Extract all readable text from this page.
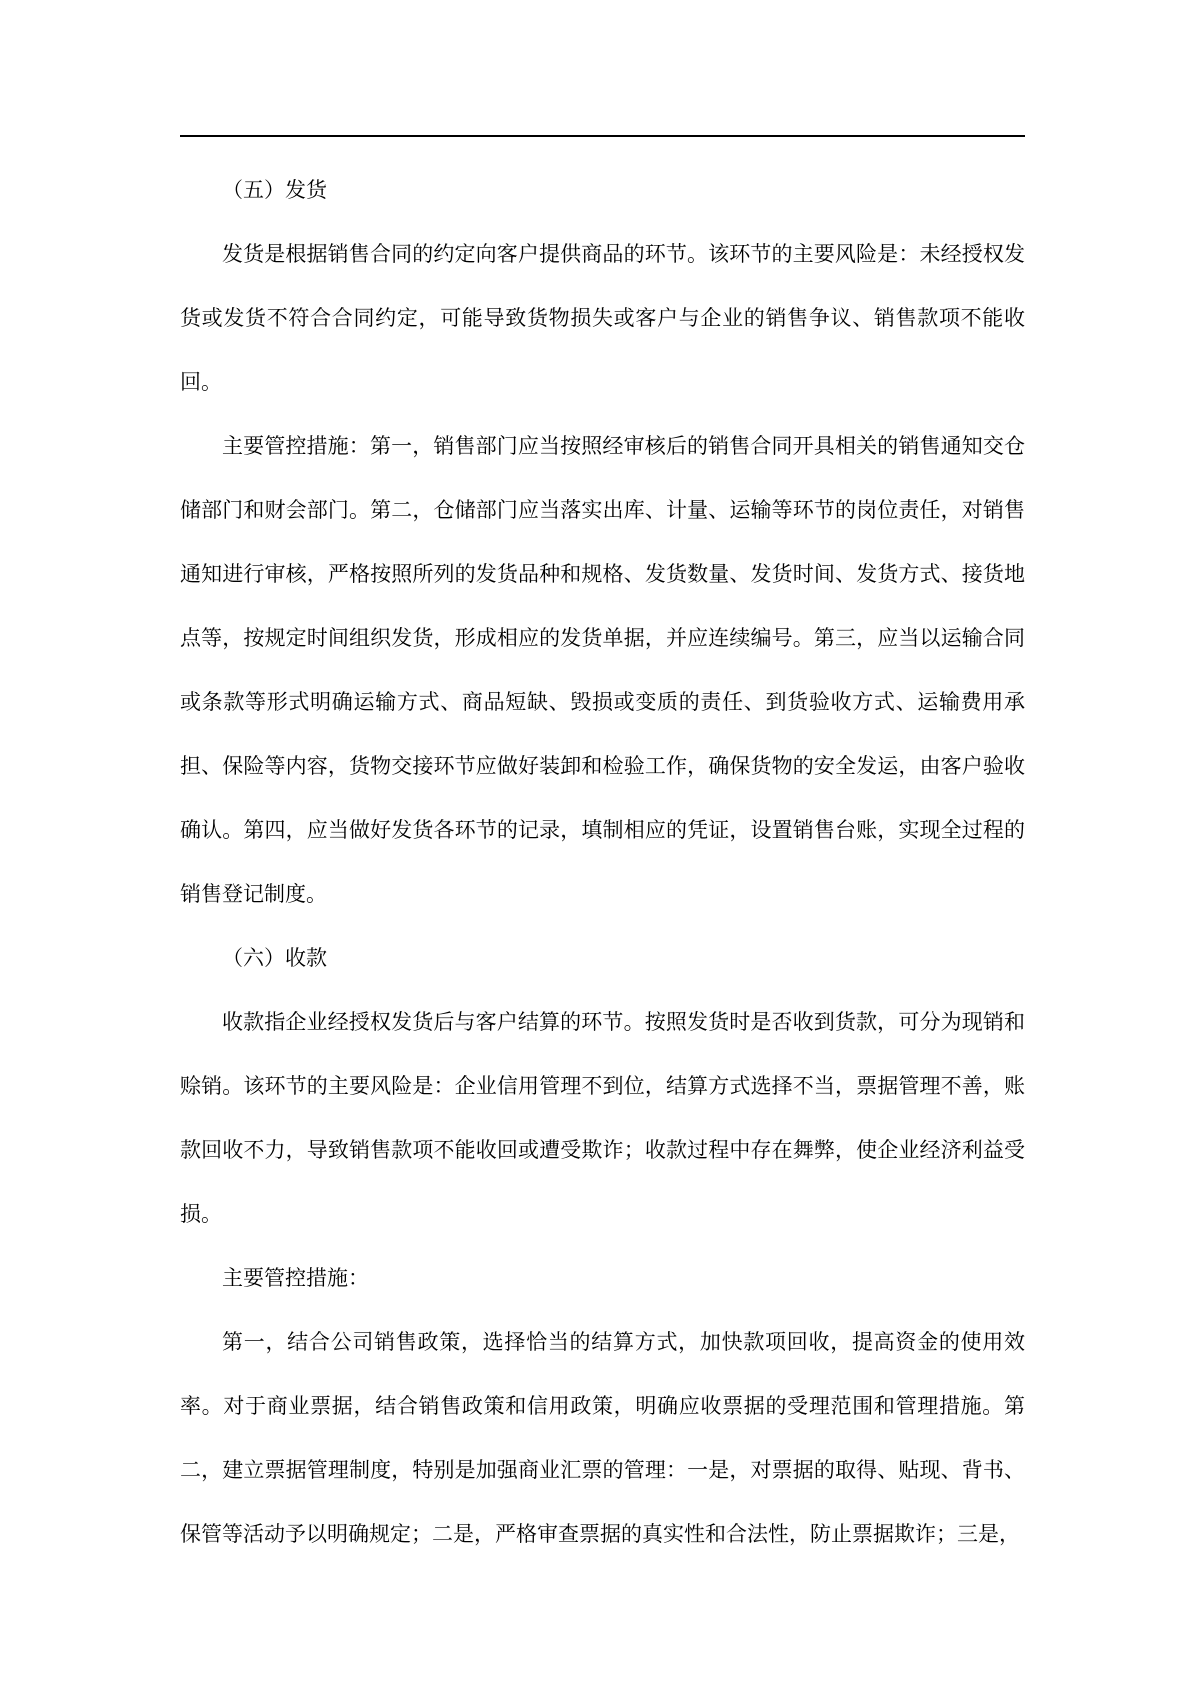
（五）发货

发货是根据销售合同的约定向客户提供商品的环节。该环节的主要风险是：未经授权发货或发货不符合合同约定，可能导致货物损失或客户与企业的销售争议、销售款项不能收回。

主要管控措施：第一，销售部门应当按照经审核后的销售合同开具相关的销售通知交仓储部门和财会部门。第二，仓储部门应当落实出库、计量、运输等环节的岗位责任，对销售通知进行审核，严格按照所列的发货品种和规格、发货数量、发货时间、发货方式、接货地点等，按规定时间组织发货，形成相应的发货单据，并应连续编号。第三，应当以运输合同或条款等形式明确运输方式、商品短缺、毁损或变质的责任、到货验收方式、运输费用承担、保险等内容，货物交接环节应做好装卸和检验工作，确保货物的安全发运，由客户验收确认。第四，应当做好发货各环节的记录，填制相应的凭证，设置销售台账，实现全过程的销售登记制度。

（六）收款

收款指企业经授权发货后与客户结算的环节。按照发货时是否收到货款，可分为现销和赊销。该环节的主要风险是：企业信用管理不到位，结算方式选择不当，票据管理不善，账款回收不力，导致销售款项不能收回或遭受欺诈；收款过程中存在舞弊，使企业经济利益受损。

主要管控措施：

第一，结合公司销售政策，选择恰当的结算方式，加快款项回收，提高资金的使用效率。对于商业票据，结合销售政策和信用政策，明确应收票据的受理范围和管理措施。第二，建立票据管理制度，特别是加强商业汇票的管理：一是，对票据的取得、贴现、背书、保管等活动予以明确规定；二是，严格审查票据的真实性和合法性，防止票据欺诈；三是，
